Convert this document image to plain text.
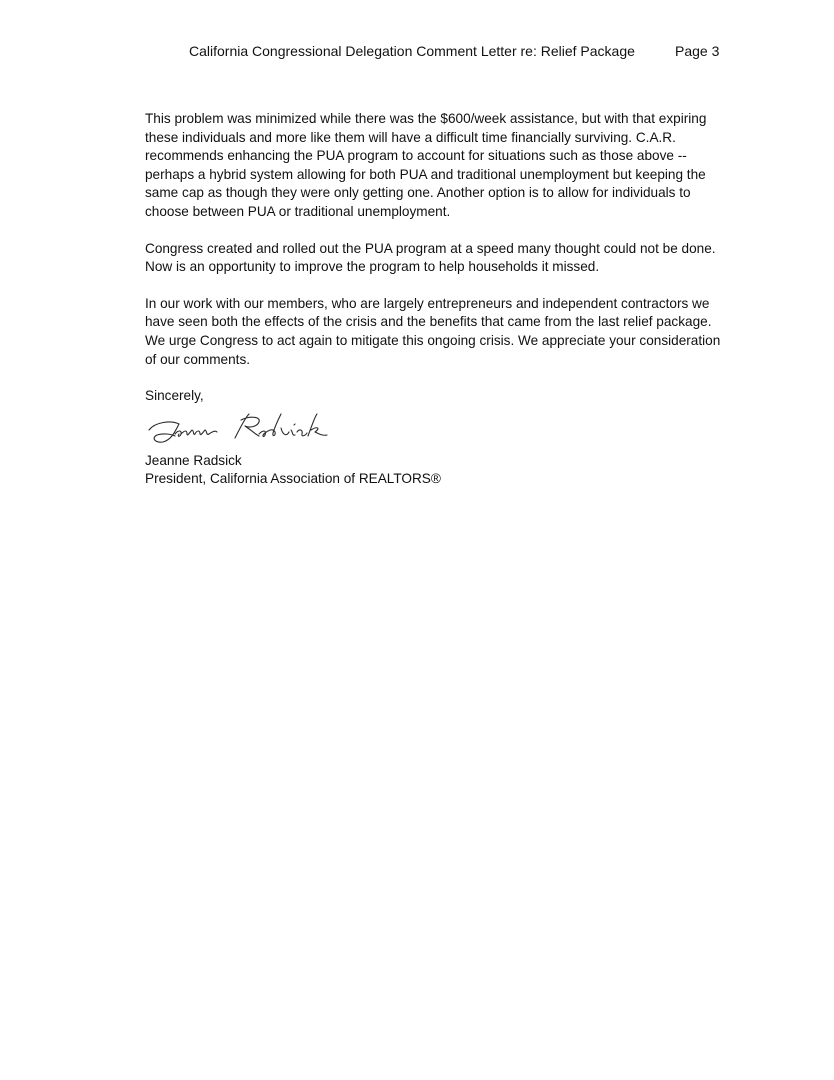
California Congressional Delegation Comment Letter re: Relief Package	Page 3

This problem was minimized while there was the $600/week assistance, but with that expiring
these individuals and more like them will have a difficult time financially surviving. C.A.R.
recommends enhancing the PUA program to account for situations such as those above --
perhaps a hybrid system allowing for both PUA and traditional unemployment but keeping the
same cap as though they were only getting one. Another option is to allow for individuals to
choose between PUA or traditional unemployment.

Congress created and rolled out the PUA program at a speed many thought could not be done.
Now is an opportunity to improve the program to help households it missed.

In our work with our members, who are largely entrepreneurs and independent contractors we
have seen both the effects of the crisis and the benefits that came from the last relief package.
We urge Congress to act again to mitigate this ongoing crisis. We appreciate your consideration
of our comments.

Sincerely,

Jeanne Radsick
President, California Association of REALTORS®
